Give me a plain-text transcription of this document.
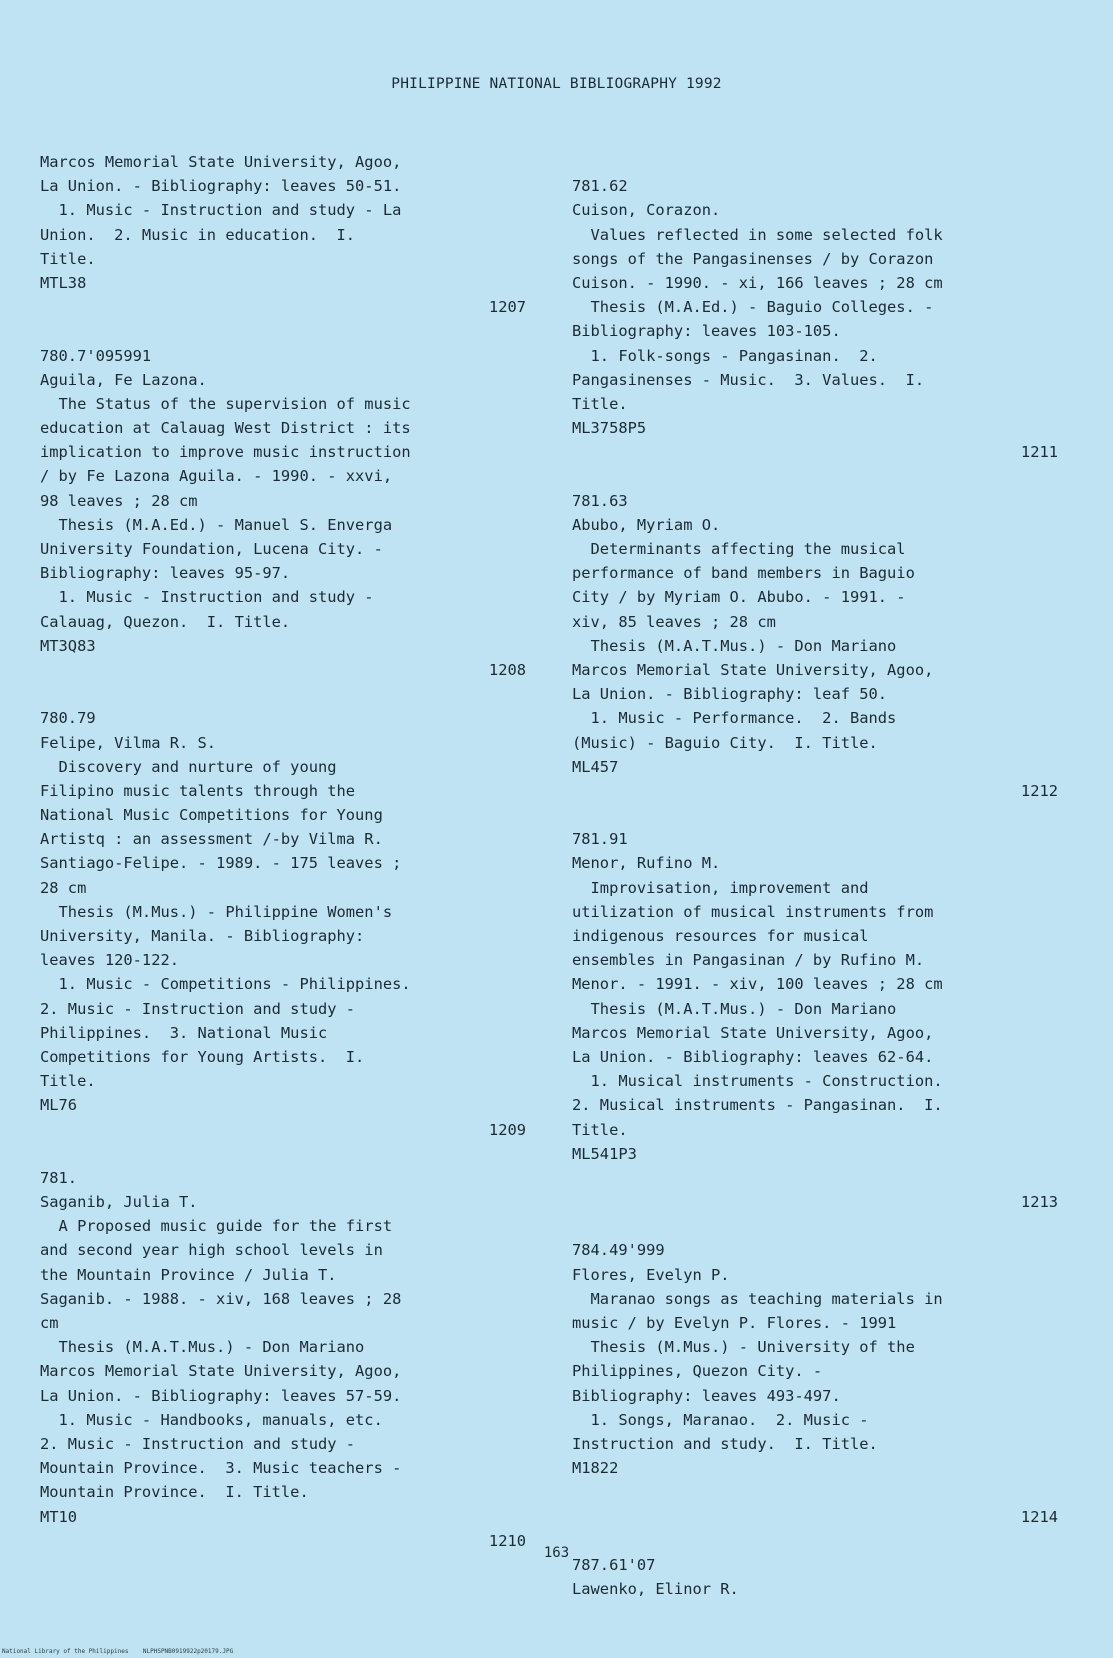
PHILIPPINE NATIONAL BIBLIOGRAPHY 1992
Marcos Memorial State University, Agoo,
La Union. - Bibliography: leaves 50-51.
1. Music - Instruction and study - La
Union.  2. Music in education.  I.
Title.
MTL38
1207
780.7'095991
Aguila, Fe Lazona.
The Status of the supervision of music
education at Calauag West District : its
implication to improve music instruction
/ by Fe Lazona Aguila. - 1990. - xxvi,
98 leaves ; 28 cm
Thesis (M.A.Ed.) - Manuel S. Enverga
University Foundation, Lucena City. -
Bibliography: leaves 95-97.
1. Music - Instruction and study -
Calauag, Quezon.  I. Title.
MT3Q83
1208
780.79
Felipe, Vilma R. S.
Discovery and nurture of young
Filipino music talents through the
National Music Competitions for Young
Artistq : an assessment /-by Vilma R.
Santiago-Felipe. - 1989. - 175 leaves ;
28 cm
Thesis (M.Mus.) - Philippine Women's
University, Manila. - Bibliography:
leaves 120-122.
1. Music - Competitions - Philippines.
2. Music - Instruction and study -
Philippines.  3. National Music
Competitions for Young Artists.  I.
Title.
ML76
1209
781.
Saganib, Julia T.
A Proposed music guide for the first
and second year high school levels in
the Mountain Province / Julia T.
Saganib. - 1988. - xiv, 168 leaves ; 28
cm
Thesis (M.A.T.Mus.) - Don Mariano
Marcos Memorial State University, Agoo,
La Union. - Bibliography: leaves 57-59.
1. Music - Handbooks, manuals, etc.
2. Music - Instruction and study -
Mountain Province.  3. Music teachers -
Mountain Province.  I. Title.
MT10
1210
781.62
Cuison, Corazon.
Values reflected in some selected folk
songs of the Pangasinenses / by Corazon
Cuison. - 1990. - xi, 166 leaves ; 28 cm
Thesis (M.A.Ed.) - Baguio Colleges. -
Bibliography: leaves 103-105.
1. Folk-songs - Pangasinan.  2.
Pangasinenses - Music.  3. Values.  I.
Title.
ML3758P5
1211
781.63
Abubo, Myriam O.
Determinants affecting the musical
performance of band members in Baguio
City / by Myriam O. Abubo. - 1991. -
xiv, 85 leaves ; 28 cm
Thesis (M.A.T.Mus.) - Don Mariano
Marcos Memorial State University, Agoo,
La Union. - Bibliography: leaf 50.
1. Music - Performance.  2. Bands
(Music) - Baguio City.  I. Title.
ML457
1212
781.91
Menor, Rufino M.
Improvisation, improvement and
utilization of musical instruments from
indigenous resources for musical
ensembles in Pangasinan / by Rufino M.
Menor. - 1991. - xiv, 100 leaves ; 28 cm
Thesis (M.A.T.Mus.) - Don Mariano
Marcos Memorial State University, Agoo,
La Union. - Bibliography: leaves 62-64.
1. Musical instruments - Construction.
2. Musical instruments - Pangasinan.  I.
Title.
ML541P3
1213
784.49'999
Flores, Evelyn P.
Maranao songs as teaching materials in
music / by Evelyn P. Flores. - 1991
Thesis (M.Mus.) - University of the
Philippines, Quezon City. -
Bibliography: leaves 493-497.
1. Songs, Maranao.  2. Music -
Instruction and study.  I. Title.
M1822
1214
787.61'07
Lawenko, Elinor R.
163
National Library of the Philippines    NLPHSPNB0919922p20179.JPG
